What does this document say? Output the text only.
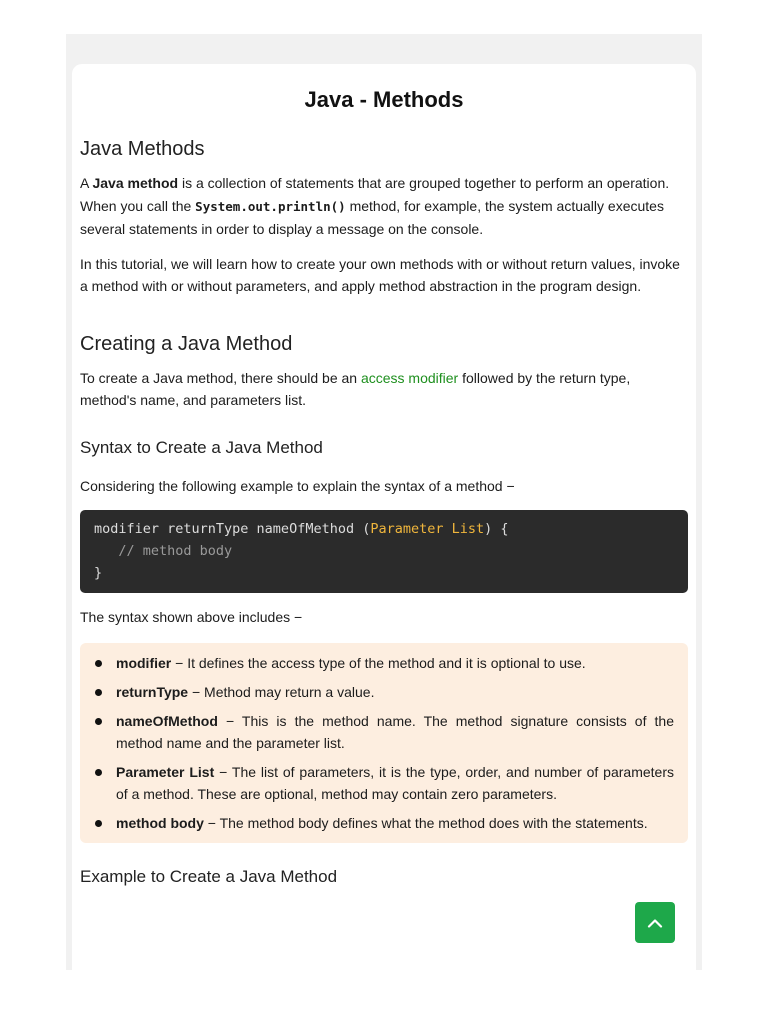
Java - Methods
Java Methods

A Java method is a collection of statements that are grouped together to perform an operation. When you call the System.out.println() method, for example, the system actually executes several statements in order to display a message on the console.

In this tutorial, we will learn how to create your own methods with or without return values, invoke a method with or without parameters, and apply method abstraction in the program design.

Creating a Java Method

To create a Java method, there should be an access modifier followed by the return type, method's name, and parameters list.

Syntax to Create a Java Method

Considering the following example to explain the syntax of a method −

modifier returnType nameOfMethod (Parameter List) {
// method body
}

The syntax shown above includes −

modifier − It defines the access type of the method and it is optional to use.
returnType − Method may return a value.
nameOfMethod − This is the method name. The method signature consists of the method name and the parameter list.
Parameter List − The list of parameters, it is the type, order, and number of parameters of a method. These are optional, method may contain zero parameters.
method body − The method body defines what the method does with the statements.
Example to Create a Java Method
